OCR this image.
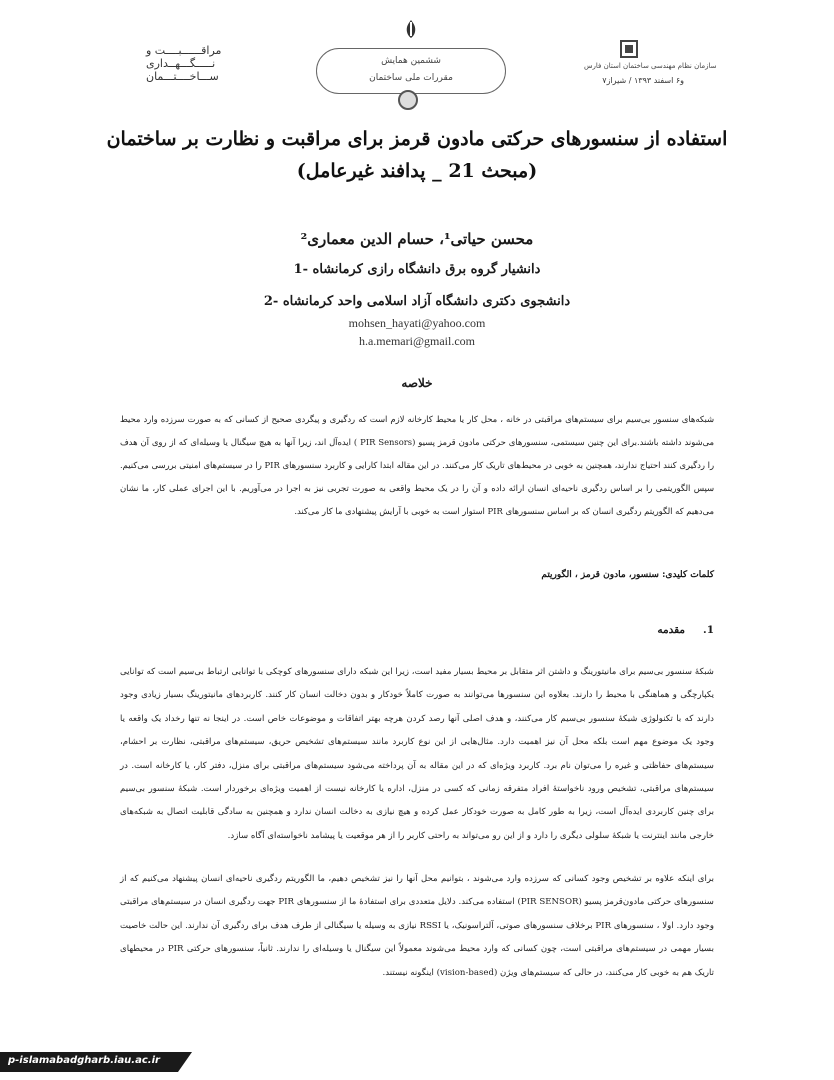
مراقــــــبــــت و
نـــــگـــهــداری
ســـاخــــتـــمان
ششمین همایش
مقررات ملی ساختمان
سازمان نظام مهندسی ساختمان استان فارس
۷و۶ اسفند ۱۳۹۳ / شیراز
استفاده از سنسورهای حرکتی مادون قرمز برای مراقبت و نظارت بر ساختمان
(مبحث 21 _ پدافند غیرعامل)
محسن حیاتی¹، حسام الدین معماری²
1- دانشیار گروه برق دانشگاه رازی کرمانشاه
2- دانشجوی دکتری دانشگاه آزاد اسلامی واحد کرمانشاه
mohsen_hayati@yahoo.com
h.a.memari@gmail.com
خلاصه
شبکه‌های سنسور بی‌سیم برای سیستم‌های مراقبتی در خانه ، محل کار یا محیط کارخانه لازم است که ردگیری و پیگردی صحیح از کسانی که به صورت سرزده وارد محیط می‌شوند داشته باشند.برای این چنین سیستمی، سنسورهای حرکتی مادون قرمز پسیو (PIR Sensors ) ایده‌آل اند، زیرا آنها به هیچ سیگنال یا وسیله‌ای که از روی آن هدف را ردگیری کنند احتیاج ندارند، همچنین به خوبی در محیط‌های تاریک کار می‌کنند. در این مقاله ابتدا کارایی و کاربرد سنسورهای PIR را در سیستم‌های امنیتی بررسی می‌کنیم. سپس الگوریتمی را بر اساس ردگیری ناحیه‌ای انسان ارائه داده و آن را در یک محیط واقعی به صورت تجربی نیز به اجرا در می‌آوریم. با این اجرای عملی کار، ما نشان می‌دهیم که الگوریتم ردگیری انسان که بر اساس سنسورهای PIR استوار است به خوبی با آرایش پیشنهادی ما کار می‌کند.
کلمات کلیدی: سنسور، مادون قرمز ، الگوریتم
1.مقدمه
شبکهٔ سنسور بی‌سیم برای مانیتورینگ و داشتن اثر متقابل بر محیط بسیار مفید است، زیرا این شبکه دارای سنسورهای کوچکی با توانایی ارتباط بی‌سیم است که توانایی یکپارچگی و هماهنگی با محیط را دارند. بعلاوه این سنسورها می‌توانند به صورت کاملاً خودکار و بدون دخالت انسان کار کنند. کاربردهای مانیتورینگ بسیار زیادی وجود دارند که با تکنولوژی شبکهٔ سنسور بی‌سیم کار می‌کنند، و هدف اصلی آنها رصد کردن هرچه بهتر اتفاقات و موضوعات خاص است. در اینجا نه تنها رخداد یک واقعه یا وجود یک موضوع مهم است بلکه محل آن نیز اهمیت دارد. مثال‌هایی از این نوع کاربرد مانند سیستم‌های تشخیص حریق، سیستم‌های مراقبتی، نظارت بر احشام، سیستم‌های حفاظتی و غیره را می‌توان نام برد. کاربرد ویژه‌ای که در این مقاله به آن پرداخته می‌شود سیستم‌های مراقبتی برای منزل، دفتر کار، یا کارخانه است. در سیستم‌های مراقبتی، تشخیص ورود ناخواستهٔ افراد متفرقه زمانی که کسی در منزل، اداره یا کارخانه نیست از اهمیت ویژه‌ای برخوردار است. شبکهٔ سنسور بی‌سیم برای چنین کاربردی ایده‌آل است، زیرا به طور کامل به صورت خودکار عمل کرده و هیچ نیازی به دخالت انسان ندارد و همچنین به سادگی قابلیت اتصال به شبکه‌های خارجی مانند اینترنت یا شبکهٔ سلولی دیگری را دارد و از این رو می‌تواند به راحتی کاربر را از هر موقعیت یا پیشامد ناخواسته‌ای آگاه سازد.
برای اینکه علاوه بر تشخیص وجود کسانی که سرزده وارد می‌شوند ، بتوانیم محل آنها را نیز تشخیص دهیم، ما الگوریتم ردگیری ناحیه‌ای انسان پیشنهاد می‌کنیم که از سنسورهای حرکتی مادون‌قرمز پسیو (PIR SENSOR) استفاده می‌کند. دلایل متعددی برای استفادهٔ ما از سنسورهای PIR جهت ردگیری انسان در سیستم‌های مراقبتی وجود دارد. اولا ، سنسورهای PIR برخلاف سنسورهای صوتی، آلتراسونیک، یا RSSI نیازی به وسیله یا سیگنالی از طرف هدف برای ردگیری آن ندارند. این حالت خاصیت بسیار مهمی در سیستم‌های مراقبتی است، چون کسانی که وارد محیط می‌شوند معمولاً این سیگنال یا وسیله‌ای را ندارند. ثانیاً، سنسورهای حرکتی PIR در محیطهای تاریک هم به خوبی کار می‌کنند، در حالی که سیستم‌های ویژن (vision-based) اینگونه نیستند.
p-islamabadgharb.iau.ac.ir
